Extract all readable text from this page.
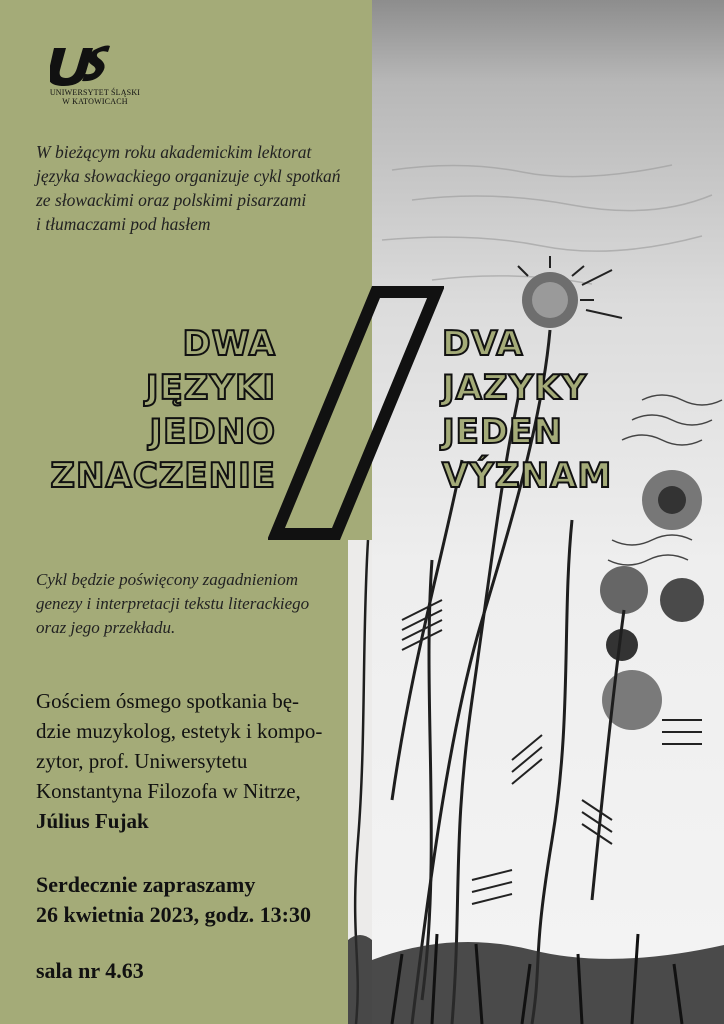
UNIWERSYTET ŚLĄSKI
W KATOWICACH
W bieżącym roku akademickim lektorat
języka słowackiego organizuje cykl spotkań
ze słowackimi oraz polskimi pisarzami
i tłumaczami pod hasłem
DWA
JĘZYKI
JEDNO
ZNACZENIE
DVA
JAZYKY
JEDEN
VÝZNAM
Cykl będzie poświęcony zagadnieniom
genezy i interpretacji tekstu literackiego
oraz jego przekładu.
Gościem ósmego spotkania bę-
dzie muzykolog, estetyk i kompo-
zytor, prof. Uniwersytetu
Konstantyna Filozofa w Nitrze,
Július Fujak
Serdecznie zapraszamy
26 kwietnia 2023, godz. 13:30
sala nr 4.63
